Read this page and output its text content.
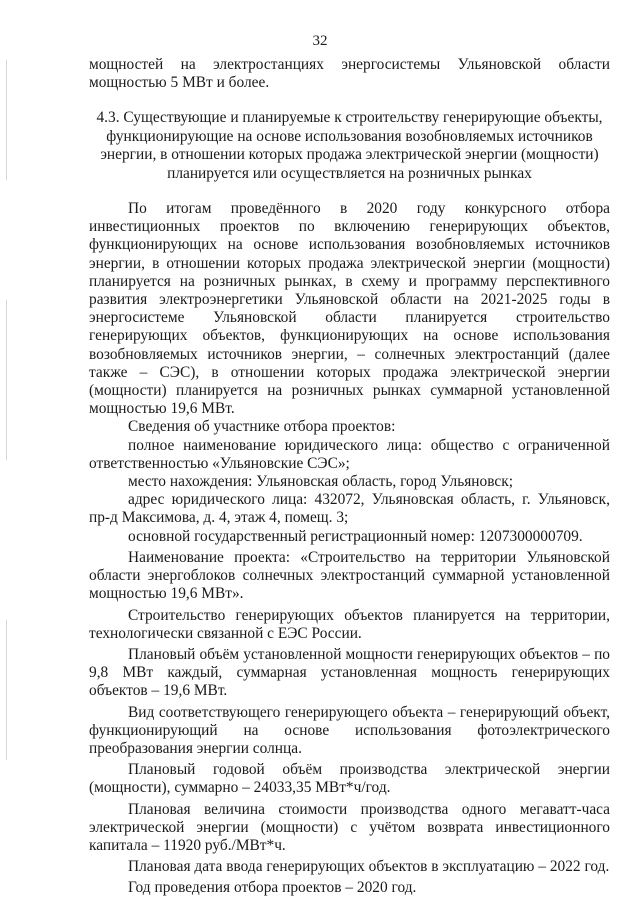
32

мощностей на электростанциях энергосистемы Ульяновской области мощностью 5 МВт и более.

4.3. Существующие и планируемые к строительству генерирующие объекты, функционирующие на основе использования возобновляемых источников энергии, в отношении которых продажа электрической энергии (мощности) планируется или осуществляется на розничных рынках

По итогам проведённого в 2020 году конкурсного отбора инвестиционных проектов по включению генерирующих объектов, функционирующих на основе использования возобновляемых источников энергии, в отношении которых продажа электрической энергии (мощности) планируется на розничных рынках, в схему и программу перспективного развития электроэнергетики Ульяновской области на 2021-2025 годы в энергосистеме Ульяновской области планируется строительство генерирующих объектов, функционирующих на основе использования возобновляемых источников энергии, – солнечных электростанций (далее также – СЭС), в отношении которых продажа электрической энергии (мощности) планируется на розничных рынках суммарной установленной мощностью 19,6 МВт.

Сведения об участнике отбора проектов:

полное наименование юридического лица: общество с ограниченной ответственностью «Ульяновские СЭС»;

место нахождения: Ульяновская область, город Ульяновск;

адрес юридического лица: 432072, Ульяновская область, г. Ульяновск, пр-д Максимова, д. 4, этаж 4, помещ. 3;

основной государственный регистрационный номер: 1207300000709.

Наименование проекта: «Строительство на территории Ульяновской области энергоблоков солнечных электростанций суммарной установленной мощностью 19,6 МВт».

Строительство генерирующих объектов планируется на территории, технологически связанной с ЕЭС России.

Плановый объём установленной мощности генерирующих объектов – по 9,8 МВт каждый, суммарная установленная мощность генерирующих объектов – 19,6 МВт.

Вид соответствующего генерирующего объекта – генерирующий объект, функционирующий на основе использования фотоэлектрического преобразования энергии солнца.

Плановый годовой объём производства электрической энергии (мощности), суммарно – 24033,35 МВт*ч/год.

Плановая величина стоимости производства одного мегаватт-часа электрической энергии (мощности) с учётом возврата инвестиционного капитала – 11920 руб./МВт*ч.

Плановая дата ввода генерирующих объектов в эксплуатацию – 2022 год.

Год проведения отбора проектов – 2020 год.
